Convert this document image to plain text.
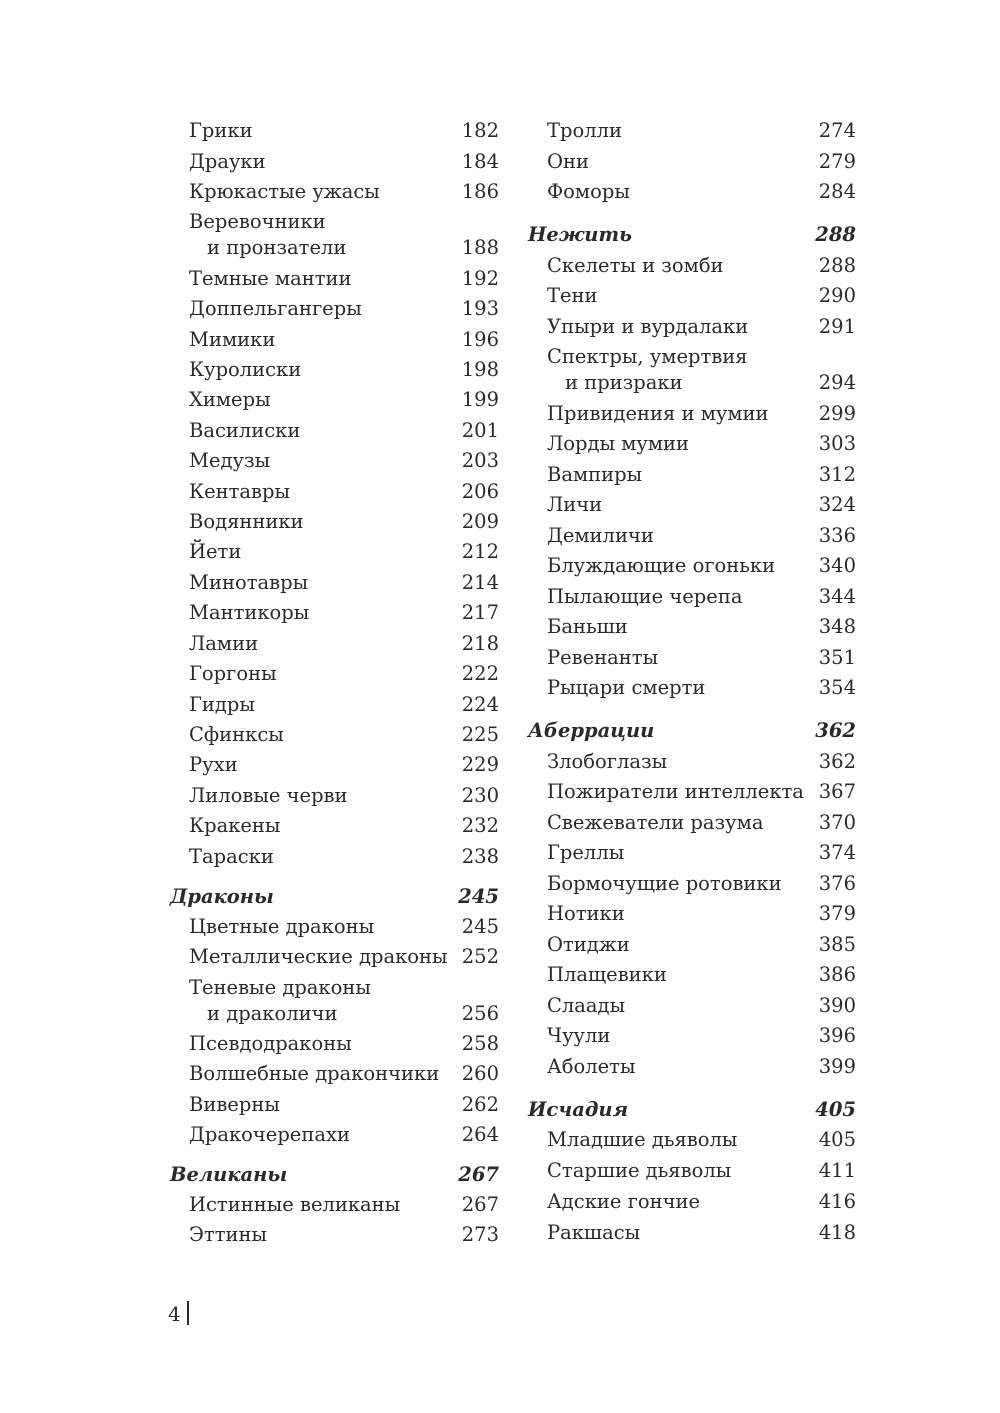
Грики	182
Драуки	184
Крюкастые ужасы	186
Веревочники
и пронзатели	188
Темные мантии	192
Доппельгангеры	193
Мимики	196
Куролиски	198
Химеры	199
Василиски	201
Медузы	203
Кентавры	206
Водянники	209
Йети	212
Минотавры	214
Мантикоры	217
Ламии	218
Горгоны	222
Гидры	224
Сфинксы	225
Рухи	229
Лиловые черви	230
Кракены	232
Тараски	238
Драконы	245
Цветные драконы	245
Металлические драконы 252
Теневые драконы
и драколичи	256
Псевдодраконы	258
Волшебные дракончики 260
Виверны	262
Дракочерепахи	264
Великаны	267
Истинные великаны	267
Эттины	273
Тролли	274
Они	279
Фоморы	284
Нежить	288
Скелеты и зомби	288
Тени	290
Упыри и вурдалаки	291
Спектры, умертвия
и призраки	294
Привидения и мумии	299
Лорды мумии	303
Вампиры	312
Личи	324
Демиличи	336
Блуждающие огоньки 340
Пылающие черепа	344
Баньши	348
Ревенанты	351
Рыцари смерти	354
Аберрации	362
Злобоглазы	362
Пожиратели интеллекта 367
Свежеватели разума	370
Греллы	374
Бормочущие ротовики 376
Нотики	379
Отиджи	385
Плащевики	386
Слаады	390
Чуули	396
Аболеты	399
Исчадия	405
Младшие дьяволы	405
Старшие дьяволы	411
Адские гончие	416
Ракшасы	418
4
